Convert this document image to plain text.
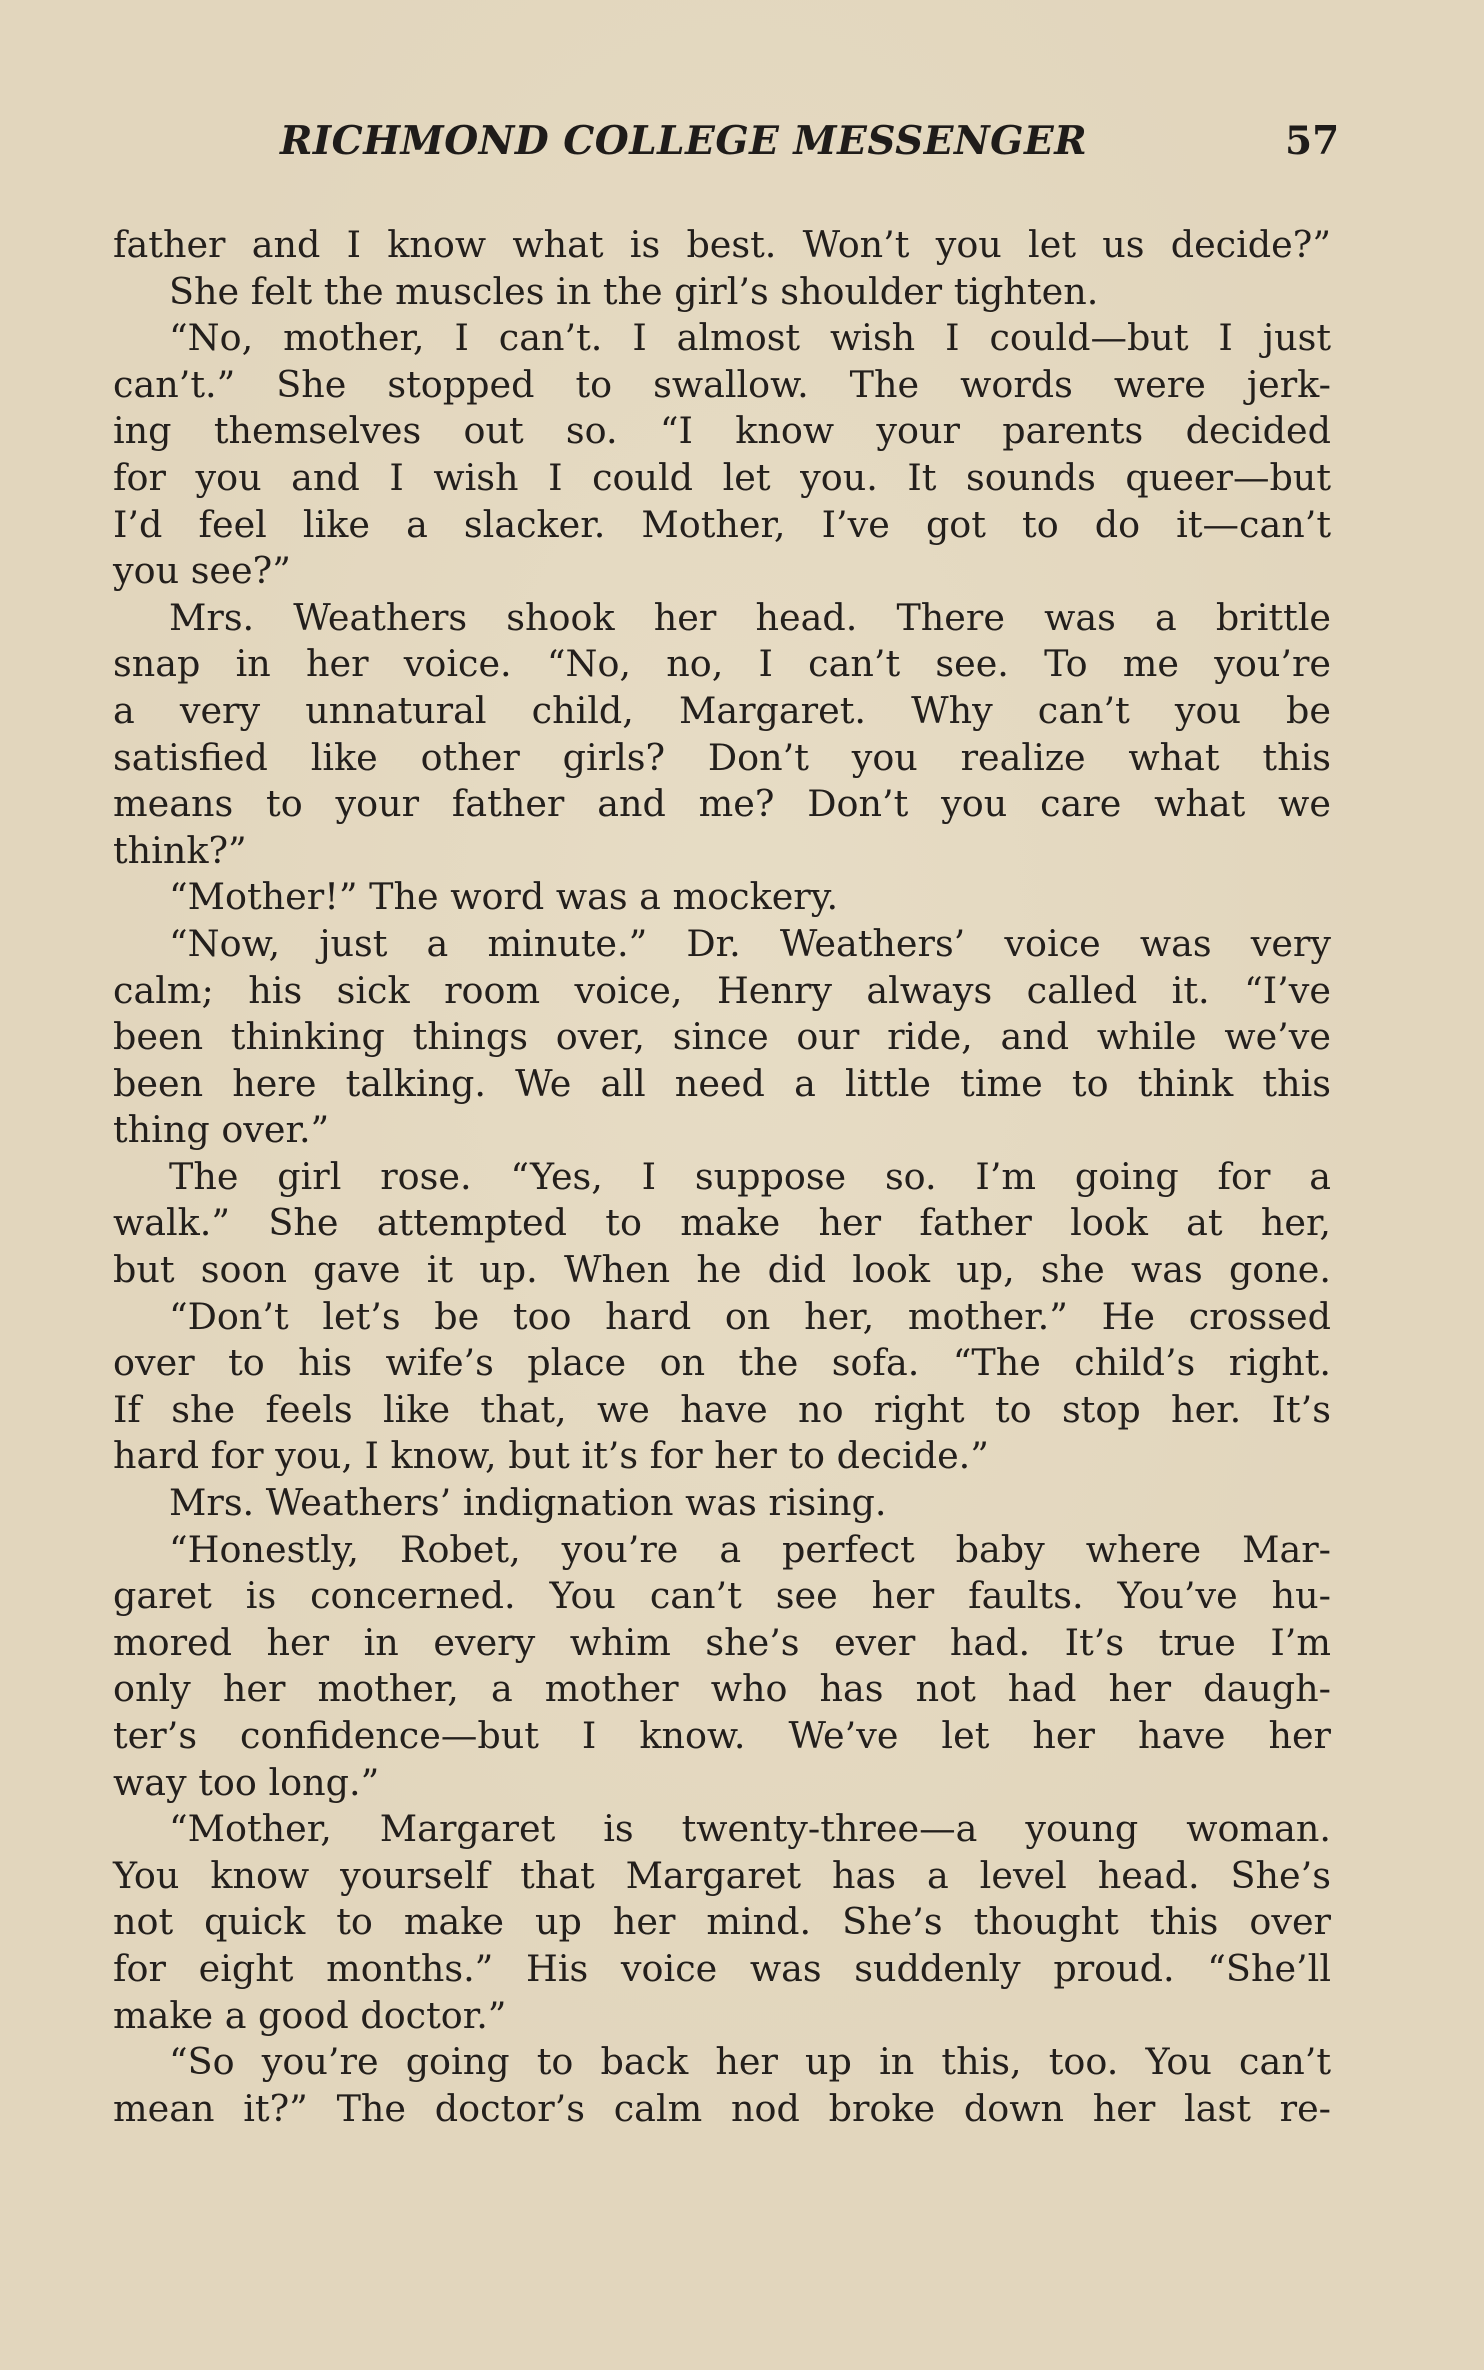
RICHMOND COLLEGE MESSENGER	57
father and I know what is best. Won’t you let us decide?”
She felt the muscles in the girl’s shoulder tighten.
“No, mother, I can’t. I almost wish I could—but I just
can’t.” She stopped to swallow. The words were jerk-
ing themselves out so. “I know your parents decided
for you and I wish I could let you. It sounds queer—but
I’d feel like a slacker. Mother, I’ve got to do it—can’t
you see?”
Mrs. Weathers shook her head. There was a brittle
snap in her voice. “No, no, I can’t see. To me you’re
a very unnatural child, Margaret. Why can’t you be
satisfied like other girls? Don’t you realize what this
means to your father and me? Don’t you care what we
think?”
“Mother!” The word was a mockery.
“Now, just a minute.” Dr. Weathers’ voice was very
calm; his sick room voice, Henry always called it. “I’ve
been thinking things over, since our ride, and while we’ve
been here talking. We all need a little time to think this
thing over.”
The girl rose. “Yes, I suppose so. I’m going for a
walk.” She attempted to make her father look at her,
but soon gave it up. When he did look up, she was gone.
“Don’t let’s be too hard on her, mother.” He crossed
over to his wife’s place on the sofa. “The child’s right.
If she feels like that, we have no right to stop her. It’s
hard for you, I know, but it’s for her to decide.”
Mrs. Weathers’ indignation was rising.
“Honestly, Robet, you’re a perfect baby where Mar-
garet is concerned. You can’t see her faults. You’ve hu-
mored her in every whim she’s ever had. It’s true I’m
only her mother, a mother who has not had her daugh-
ter’s confidence—but I know. We’ve let her have her
way too long.”
“Mother, Margaret is twenty-three—a young woman.
You know yourself that Margaret has a level head. She’s
not quick to make up her mind. She’s thought this over
for eight months.” His voice was suddenly proud. “She’ll
make a good doctor.”
“So you’re going to back her up in this, too. You can’t
mean it?” The doctor’s calm nod broke down her last re-
